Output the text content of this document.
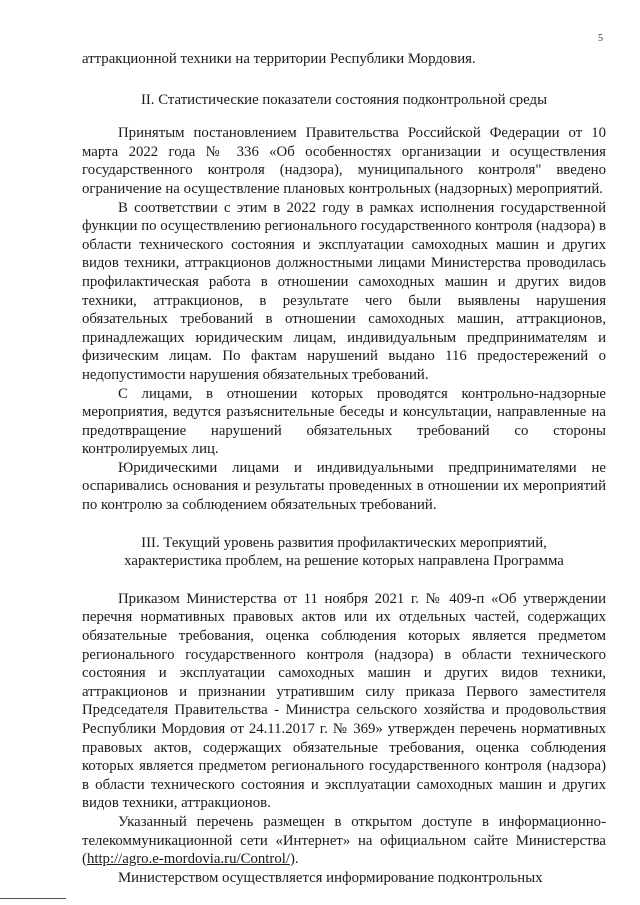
5

аттракционной техники на территории Республики Мордовия.

II. Статистические показатели состояния подконтрольной среды

Принятым постановлением Правительства Российской Федерации от 10 марта 2022 года № 336 «Об особенностях организации и осуществления государственного контроля (надзора), муниципального контроля" введено ограничение на осуществление плановых контрольных (надзорных) мероприятий.

В соответствии с этим в 2022 году в рамках исполнения государственной функции по осуществлению регионального государственного контроля (надзора) в области технического состояния и эксплуатации самоходных машин и других видов техники, аттракционов должностными лицами Министерства проводилась профилактическая работа в отношении самоходных машин и других видов техники, аттракционов, в результате чего были выявлены нарушения обязательных требований в отношении самоходных машин, аттракционов, принадлежащих юридическим лицам, индивидуальным предпринимателям и физическим лицам. По фактам нарушений выдано 116 предостережений о недопустимости нарушения обязательных требований.

С лицами, в отношении которых проводятся контрольно-надзорные мероприятия, ведутся разъяснительные беседы и консультации, направленные на предотвращение нарушений обязательных требований со стороны контролируемых лиц.

Юридическими лицами и индивидуальными предпринимателями не оспаривались основания и результаты проведенных в отношении их мероприятий по контролю за соблюдением обязательных требований.

III. Текущий уровень развития профилактических мероприятий,

характеристика проблем, на решение которых направлена Программа

Приказом Министерства от 11 ноября 2021 г. № 409-п «Об утверждении перечня нормативных правовых актов или их отдельных частей, содержащих обязательные требования, оценка соблюдения которых является предметом регионального государственного контроля (надзора) в области технического состояния и эксплуатации самоходных машин и других видов техники, аттракционов и признании утратившим силу приказа Первого заместителя Председателя Правительства - Министра сельского хозяйства и продовольствия Республики Мордовия от 24.11.2017 г. № 369» утвержден перечень нормативных правовых актов, содержащих обязательные требования, оценка соблюдения которых является предметом регионального государственного контроля (надзора) в области технического состояния и эксплуатации самоходных машин и других видов техники, аттракционов.

Указанный перечень размещен в открытом доступе в информационно-телекоммуникационной сети «Интернет» на официальном сайте Министерства (http://agro.e-mordovia.ru/Control/).

Министерством осуществляется информирование подконтрольных
